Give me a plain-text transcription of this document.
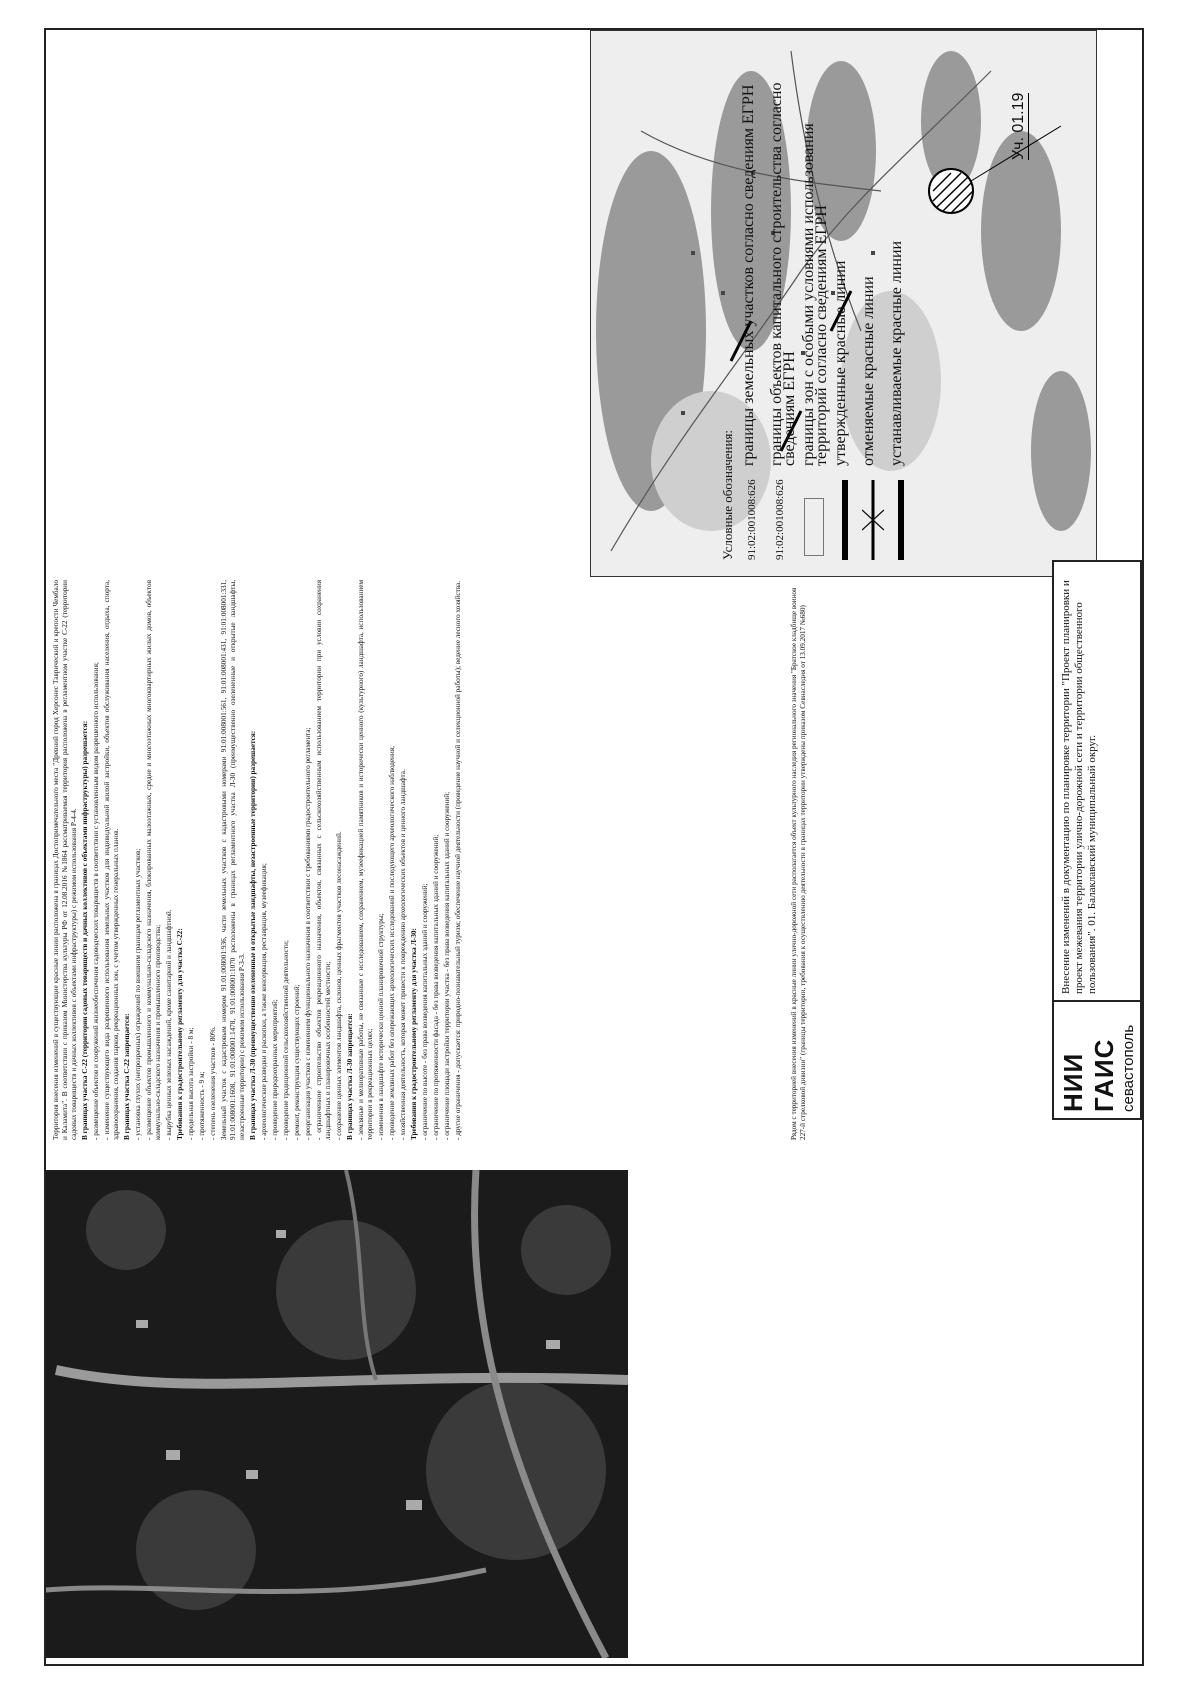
Территория внесения изменений в существующие красные линии расположена в границах Достопримечательного места "Древний город Херсонес Таврический и крепости Чембало и Каламита". В соответствии с приказом Министерства культуры РФ от 12.08.2016 №1864 рассматриваемая территория расположена в регламентном участке С-22 (территории садовых товариществ и дачных коллективов с объектами инфраструктуры) с режимом использования Р-4-4. В границах участка С-22 (территории садовых товариществ и дачных коллективов с объектами инфраструктуры) разрешается: - размещение объектов и сооружений жизнеобеспечения садоводческих товариществ в соответствии с установленным видом разрешенного использования; - изменение существующего вида разрешенного использования земельных участков для индивидуальной жилой застройки, объектов обслуживания населения, отдыха, спорта, здравоохранения, создания парков, рекреационных зон, с учетом утвержденных генеральных планов. В границах участка С-22 запрещается: - установка глухих (непрозрачных) ограждений по внешним границам регламентных участков; - размещение объектов промышленного и коммунально-складского назначения, блокированных малоэтажных, средне и многоэтажных многоквартирных жилых домов, объектов коммунально-складского назначения и промышленного производства; - вырубка ценных зеленых насаждений, кроме санитарной и ландшафтной. Требования к градостроительному регламенту для участка С-22: - предельная высота застройки - 8 м; - протяженность - 9 м; - степень озеленения участков - 80%. Земельный участок с кадастровым номером 91:01:008001:936, части земельных участков с кадастровыми номерами 91:01:008001:561, 91:01:008001:431, 91:01:008001:331, 91:01:008001:1608, 91:01:008001:1478, 91:01:008001:1070 расположены в границах регламентного участка Л-30 (преимущественно озелененные и открытые ландшафты, незастроенные территории) с режимом использования Р-3-3. В границах участка Л-30 (преимущественно озелененные и открытые ландшафты, незастроенные территории) разрешается: - археологические разведки и раскопки, а также консервация, реставрация, музеефикация; - проведение природоохранных мероприятий; - проведение традиционной сельскохозяйственной деятельности; - ремонт, реконструкция существующих строений; - реорганизация участков с изменением функционального назначения в соответствии с требованиями градостроительного регламента; - ограниченное строительство объектов рекреационного назначения, объектов, связанных с сельскохозяйственным использованием территории при условии сохранения ландшафтных и планировочных особенностей местности; - сохранение ценных элементов ландшафта, склонов, ценных фрагментов участков лесонасаждений. В границах участка Л-30 запрещается: - земляные и мелиоративные работы, не связанные с исследованием, сохранением, музеефикацией памятников и исторически ценного (культурного) ландшафта, использованием территории в рекреационных целях; - изменения в ландшафте исторически ценной планировочной структуры; - проведение земляных работ без опережающих археологических исследований и последующего археологического наблюдения; - хозяйственная деятельность, которая может привести к повреждению археологических объектов и ценного ландшафта. Требования к градостроительному регламенту для участка Л-30: - ограничение по высоте - без права возведения капитальных зданий и сооружений; - ограничение по протяженности фасада - без права возведения капитальных зданий и сооружений; - ограничение площади застройки территории участка - без права возведения капитальных зданий и сооружений; - другие ограничения - допускается: природно-познавательный туризм; обеспечение научной деятельности (проведение научной и селекционной работы); ведение лесного хозяйства.	Рядом с территорией внесения изменений в красные линии улично-дорожной сети располагается объект культурного наследия регионального значения "Братское кладбище воинов 227-й стрелковой дивизии" (границы территории, требования к осуществлению деятельности в границах территории утверждены приказом Севнаследия от 13.09.2017 №680)
Уч. 01.19
Условные обозначения: 91:02:001008:626
границы земельных участков согласно сведениям ЕГРН
91:02:001008:626
границы объектов капитального строительства согласно сведениям ЕГРН границы зон с особыми условиями использования территорий согласно сведениям ЕГРН утвержденные красные линии отменяемые красные линии устанавливаемые красные линии
НИИ ГАИС севастополь
Внесение изменений в документацию по планировке территории "Проект планировки и проект межевания территории улично-дорожной сети и территории общественного пользования". 01. Балаклавский муниципальный округ.
